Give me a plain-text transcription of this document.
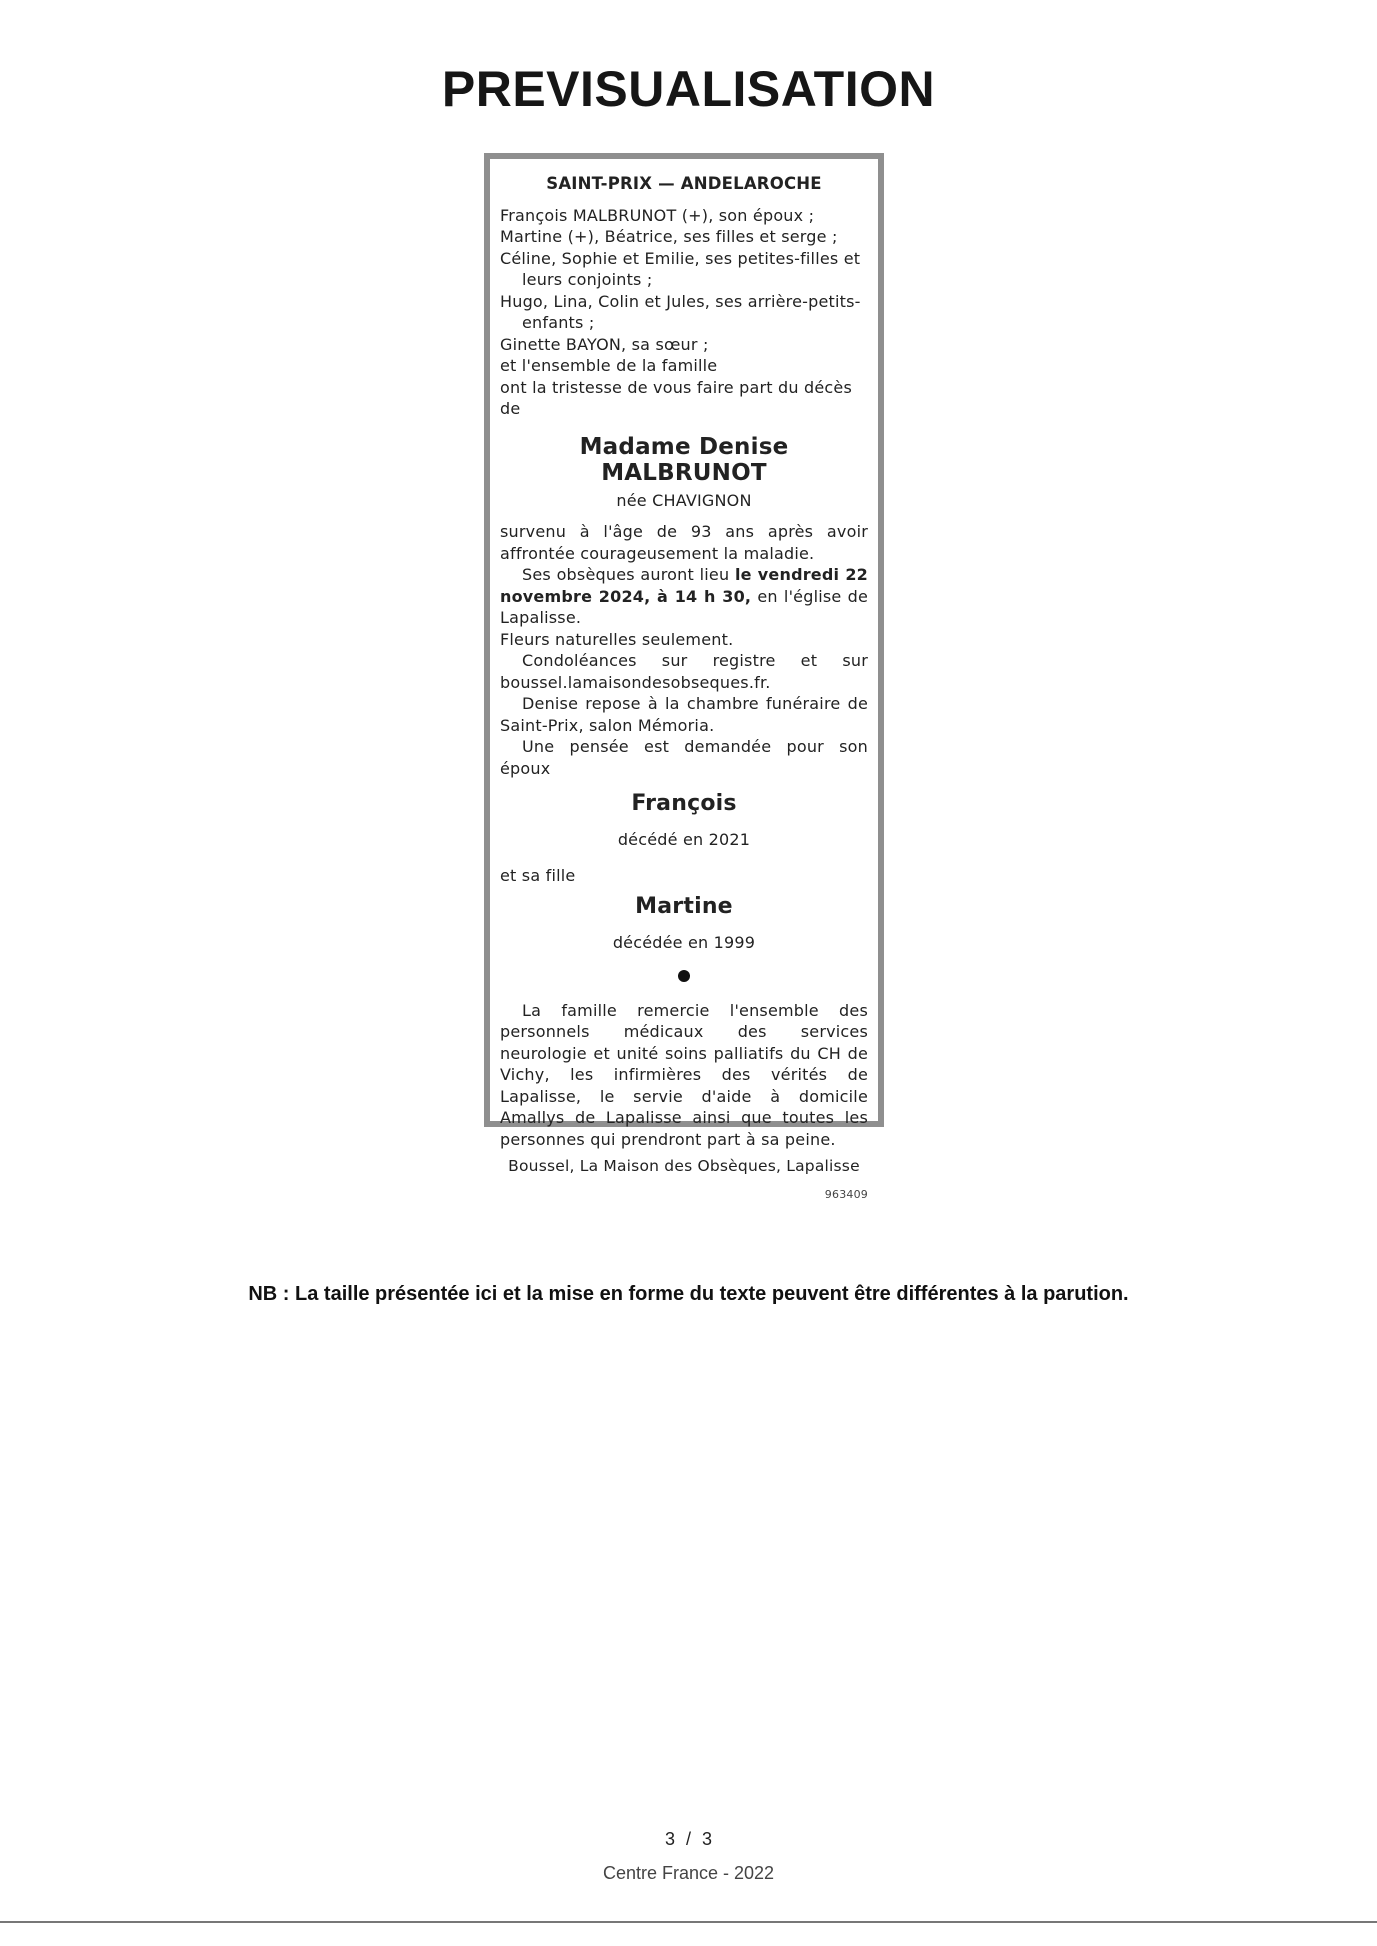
PREVISUALISATION
SAINT-PRIX — ANDELAROCHE

François MALBRUNOT (+), son époux ;

Martine (+), Béatrice, ses filles et serge ;

Céline, Sophie et Emilie, ses petites-filles et leurs conjoints ;

Hugo, Lina, Colin et Jules, ses arrière-petits-enfants ;

Ginette BAYON, sa sœur ;

et l'ensemble de la famille

ont la tristesse de vous faire part du décès de

Madame Denise MALBRUNOT
née CHAVIGNON

survenu à l'âge de 93 ans après avoir affrontée courageusement la maladie.

Ses obsèques auront lieu le vendredi 22 novembre 2024, à 14 h 30, en l'église de Lapalisse.

Fleurs naturelles seulement.

Condoléances sur registre et sur boussel.lamaisondesobseques.fr.

Denise repose à la chambre funéraire de Saint-Prix, salon Mémoria.

Une pensée est demandée pour son époux

François
décédé en 2021
et sa fille
Martine
décédée en 1999

La famille remercie l'ensemble des personnels médicaux des services neurologie et unité soins palliatifs du CH de Vichy, les infirmières des vérités de Lapalisse, le servie d'aide à domicile Amallys de Lapalisse ainsi que toutes les personnes qui prendront part à sa peine.

Boussel, La Maison des Obsèques, Lapalisse
963409
NB : La taille présentée ici et la mise en forme du texte peuvent être différentes à la parution.
3 / 3
Centre France - 2022
